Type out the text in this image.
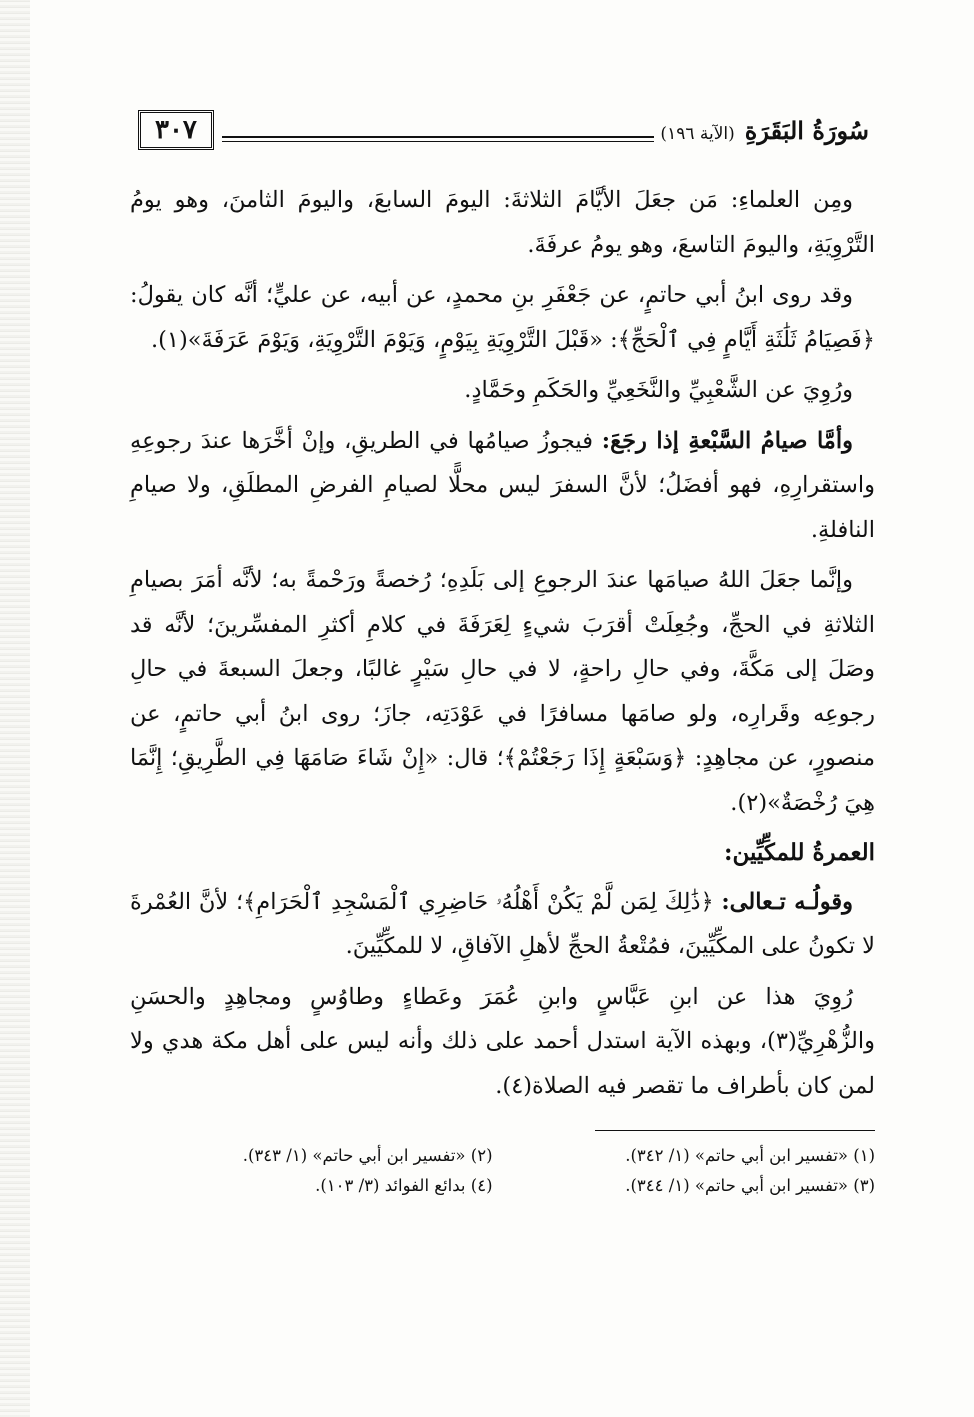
سُورَةُ البَقَرَةِ
(الآية ١٩٦)
٣٠٧

ومِن العلماءِ: مَن جعَلَ الأيَّامَ الثلاثةَ: اليومَ السابعَ، واليومَ الثامنَ، وهو يومُ التَّرْوِيَةِ، واليومَ التاسعَ، وهو يومُ عرفَةَ.

وقد روى ابنُ أبي حاتمٍ، عن جَعْفَرِ بنِ محمدٍ، عن أبيه، عن عليٍّ؛ أنَّه كان يقولُ: ﴿فَصِيَامُ ثَلَٰثَةِ أَيَّامٍ فِي ٱلْحَجِّ﴾: «قَبْلَ التَّرْوِيَةِ بِيَوْمٍ، وَيَوْمَ التَّرْوِيَةِ، وَيَوْمَ عَرَفَةَ»(١).

ورُوِيَ عن الشَّعْبِيِّ والنَّخَعِيِّ والحَكَمِ وحَمَّادٍ.

وأمَّا صيامُ السَّبْعةِ إذا رجَعَ: فيجوزُ صيامُها في الطريقِ، وإنْ أخَّرَها عندَ رجوعِهِ واستقرارِهِ، فهو أفضَلُ؛ لأنَّ السفرَ ليس محلًّا لصيامِ الفرضِ المطلَقِ، ولا صيامِ النافلةِ.

وإنَّما جعَلَ اللهُ صيامَها عندَ الرجوعِ إلى بَلَدِهِ؛ رُخصةً ورَحْمةً به؛ لأنَّه أمَرَ بصيامِ الثلاثةِ في الحجِّ، وجُعِلَتْ أقرَبَ شيءٍ لِعَرَفَةَ في كلامِ أكثرِ المفسِّرينَ؛ لأنَّه قد وصَلَ إلى مَكَّةَ، وفي حالِ راحةٍ، لا في حالِ سَيْرٍ غالبًا، وجعلَ السبعةَ في حالِ رجوعِه وقَرارِه، ولو صامَها مسافرًا في عَوْدَتِه، جازَ؛ روى ابنُ أبي حاتمٍ، عن منصورٍ، عن مجاهِدٍ: ﴿وَسَبْعَةٍ إِذَا رَجَعْتُمْ﴾؛ قال: «إِنْ شَاءَ صَامَهَا فِي الطَّرِيقِ؛ إِنَّمَا هِيَ رُخْصَةٌ»(٢).

العمرةُ للمكِّيِّين:

وقولُـه تـعالى: ﴿ذَٰلِكَ لِمَن لَّمْ يَكُنْ أَهْلُهُۥ حَاضِرِي ٱلْمَسْجِدِ ٱلْحَرَامِ﴾؛ لأنَّ العُمْرةَ لا تكونُ على المكِّيِّينَ، فمُتْعةُ الحجِّ لأهلِ الآفاقِ، لا للمكِّيِّينَ.

رُوِيَ هذا عن ابنِ عَبَّاسٍ وابنِ عُمَرَ وعَطاءٍ وطاوُسٍ ومجاهِدٍ والحسَنِ والزُّهْرِيِّ(٣)، وبهذه الآية استدل أحمد على ذلك وأنه ليس على أهل مكة هدي ولا لمن كان بأطراف ما تقصر فيه الصلاة(٤).

(١) «تفسير ابن أبي حاتم» (١/ ٣٤٢).
(٢) «تفسير ابن أبي حاتم» (١/ ٣٤٣).
(٣) «تفسير ابن أبي حاتم» (١/ ٣٤٤).
(٤) بدائع الفوائد (٣/ ١٠٣).
